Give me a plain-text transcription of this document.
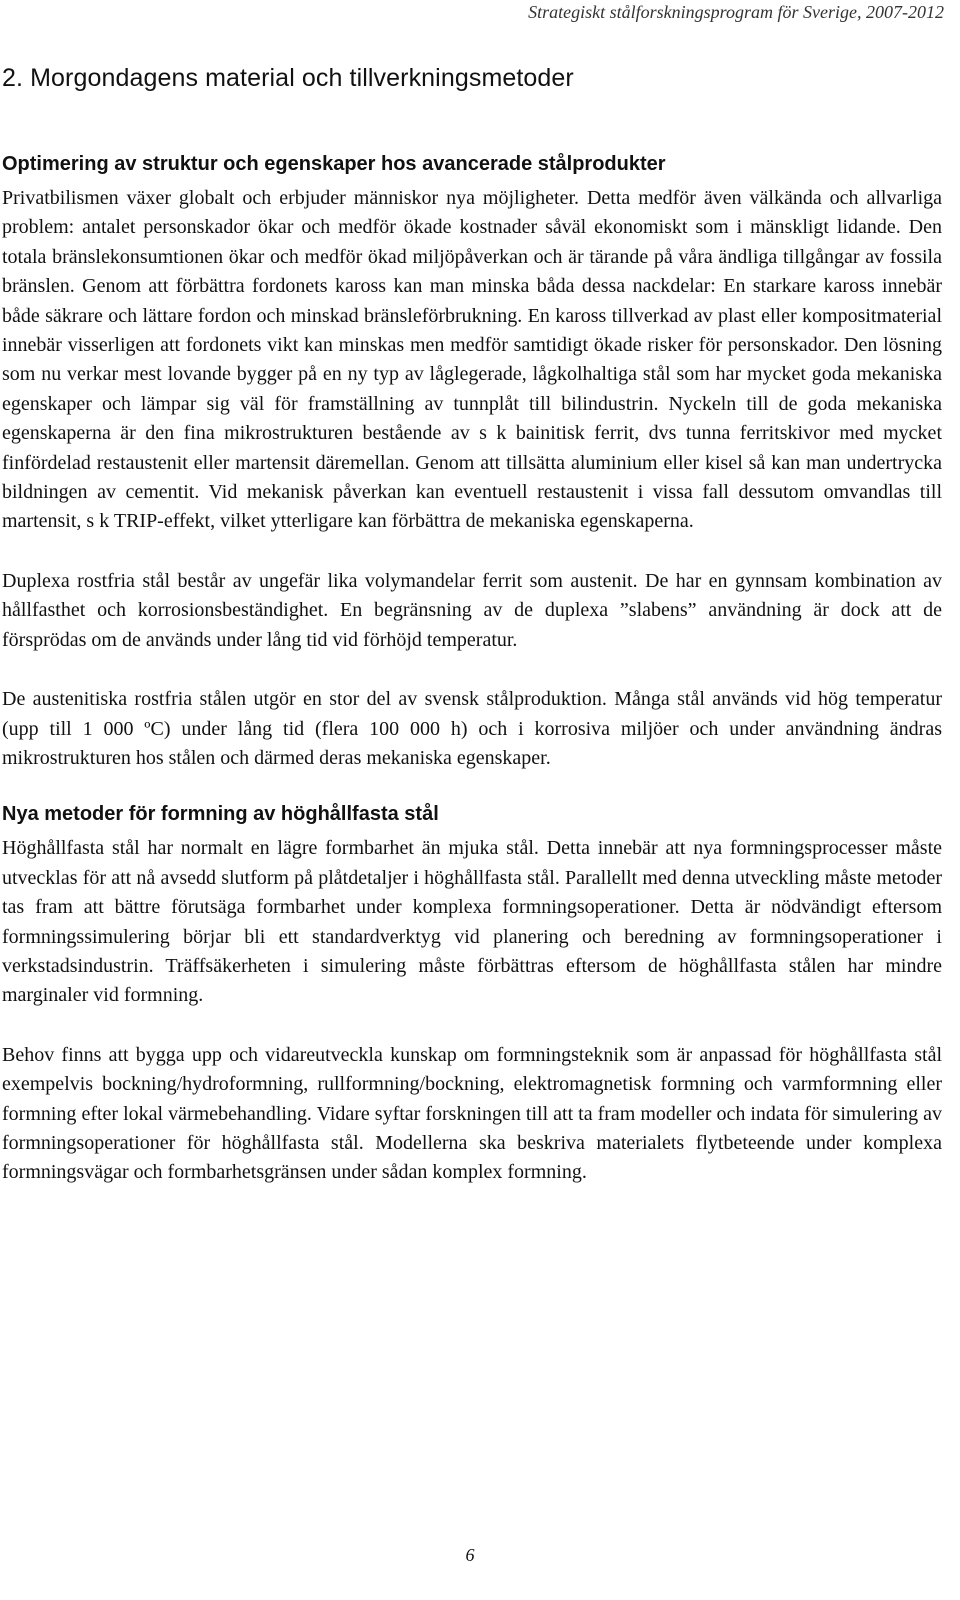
Strategiskt stålforskningsprogram för Sverige, 2007-2012
2. Morgondagens material och tillverkningsmetoder
Optimering av struktur och egenskaper hos avancerade stålprodukter

Privatbilismen växer globalt och erbjuder människor nya möjligheter. Detta medför även välkända och allvarliga problem: antalet personskador ökar och medför ökade kostnader såväl ekonomiskt som i mänskligt lidande. Den totala bränslekonsumtionen ökar och medför ökad miljöpåverkan och är tärande på våra ändliga tillgångar av fossila bränslen. Genom att förbättra fordonets kaross kan man minska båda dessa nackdelar: En starkare kaross innebär både säkrare och lättare fordon och minskad bränsleförbrukning. En kaross tillverkad av plast eller kompositmaterial innebär visserligen att fordonets vikt kan minskas men medför samtidigt ökade risker för personskador. Den lösning som nu verkar mest lovande bygger på en ny typ av låglegerade, lågkolhaltiga stål som har mycket goda mekaniska egenskaper och lämpar sig väl för framställning av tunnplåt till bilindustrin. Nyckeln till de goda mekaniska egenskaperna är den fina mikrostrukturen bestående av s k bainitisk ferrit, dvs tunna ferritskivor med mycket finfördelad restaustenit eller martensit däremellan. Genom att tillsätta aluminium eller kisel så kan man undertrycka bildningen av cementit. Vid mekanisk påverkan kan eventuell restaustenit i vissa fall dessutom omvandlas till martensit, s k TRIP-effekt, vilket ytterligare kan förbättra de mekaniska egenskaperna.

Duplexa rostfria stål består av ungefär lika volymandelar ferrit som austenit. De har en gynnsam kombination av hållfasthet och korrosionsbeständighet. En begränsning av de duplexa ”slabens” användning är dock att de försprödas om de används under lång tid vid förhöjd temperatur.

De austenitiska rostfria stålen utgör en stor del av svensk stålproduktion. Många stål används vid hög temperatur (upp till 1 000 ºC) under lång tid (flera 100 000 h) och i korrosiva miljöer och under användning ändras mikrostrukturen hos stålen och därmed deras mekaniska egenskaper.

Nya metoder för formning av höghållfasta stål

Höghållfasta stål har normalt en lägre formbarhet än mjuka stål. Detta innebär att nya formningsprocesser måste utvecklas för att nå avsedd slutform på plåtdetaljer i höghållfasta stål. Parallellt med denna utveckling måste metoder tas fram att bättre förutsäga formbarhet under komplexa formningsoperationer. Detta är nödvändigt eftersom formningssimulering börjar bli ett standardverktyg vid planering och beredning av formningsoperationer i verkstadsindustrin. Träffsäkerheten i simulering måste förbättras eftersom de höghållfasta stålen har mindre marginaler vid formning.

Behov finns att bygga upp och vidareutveckla kunskap om formningsteknik som är anpassad för höghållfasta stål exempelvis bockning/hydroformning, rullformning/bockning, elektromagnetisk formning och varmformning eller formning efter lokal värmebehandling. Vidare syftar forskningen till att ta fram modeller och indata för simulering av formningsoperationer för höghållfasta stål. Modellerna ska beskriva materialets flytbeteende under komplexa formningsvägar och formbarhetsgränsen under sådan komplex formning.

6
